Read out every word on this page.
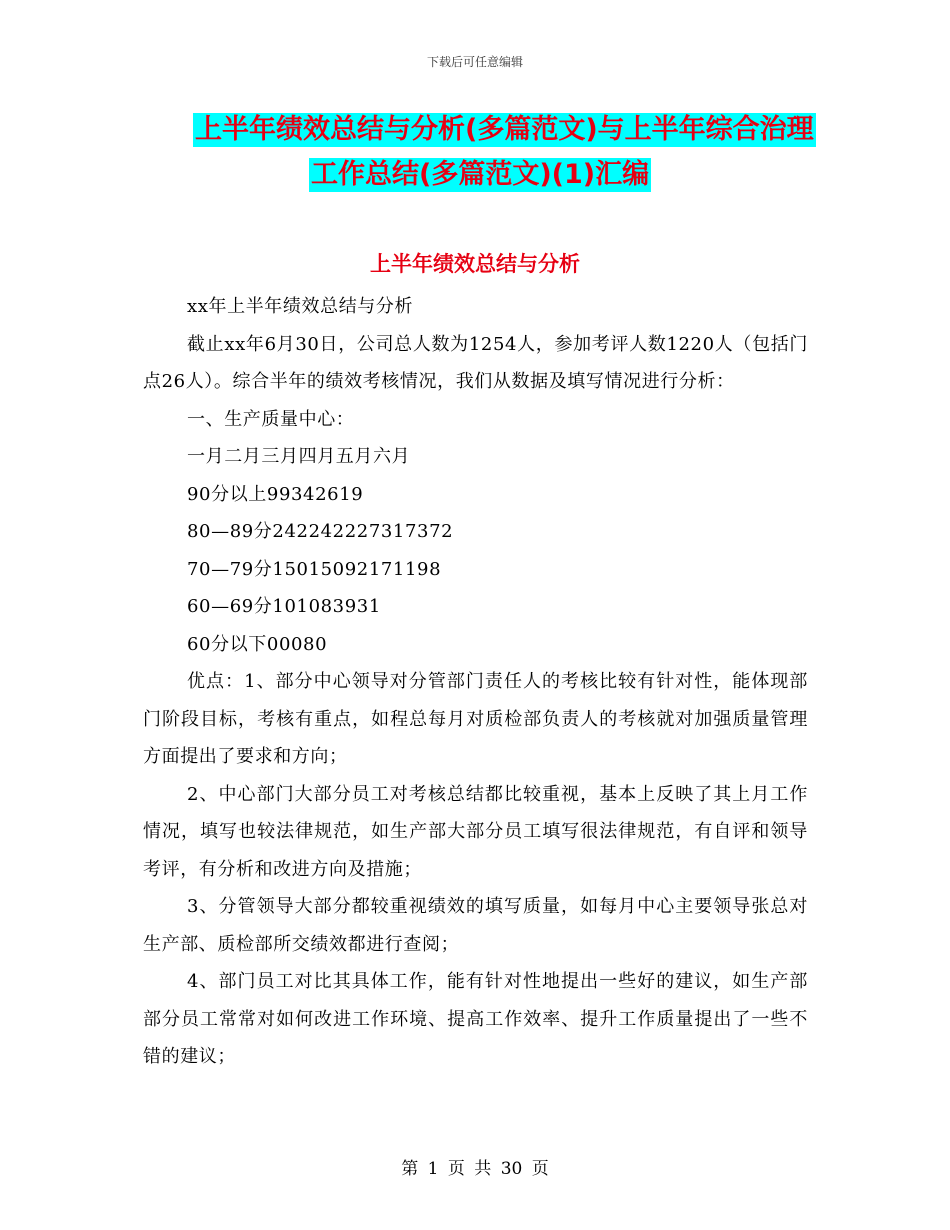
下载后可任意编辑
上半年绩效总结与分析(多篇范文)与上半年综合治理
工作总结(多篇范文)(1)汇编
上半年绩效总结与分析

xx年上半年绩效总结与分析

截止xx年6月30日，公司总人数为1254人，参加考评人数1220人（包括门点26人）。综合半年的绩效考核情况，我们从数据及填写情况进行分析：

一、生产质量中心：

一月二月三月四月五月六月

90分以上99342619

80—89分242242227317372

70—79分15015092171198

60—69分101083931

60分以下00080

优点：1、部分中心领导对分管部门责任人的考核比较有针对性，能体现部门阶段目标，考核有重点，如程总每月对质检部负责人的考核就对加强质量管理方面提出了要求和方向；

2、中心部门大部分员工对考核总结都比较重视，基本上反映了其上月工作情况，填写也较法律规范，如生产部大部分员工填写很法律规范，有自评和领导考评，有分析和改进方向及措施；

3、分管领导大部分都较重视绩效的填写质量，如每月中心主要领导张总对生产部、质检部所交绩效都进行查阅；

4、部门员工对比其具体工作，能有针对性地提出一些好的建议，如生产部部分员工常常对如何改进工作环境、提高工作效率、提升工作质量提出了一些不错的建议；

第 1 页 共 30 页
